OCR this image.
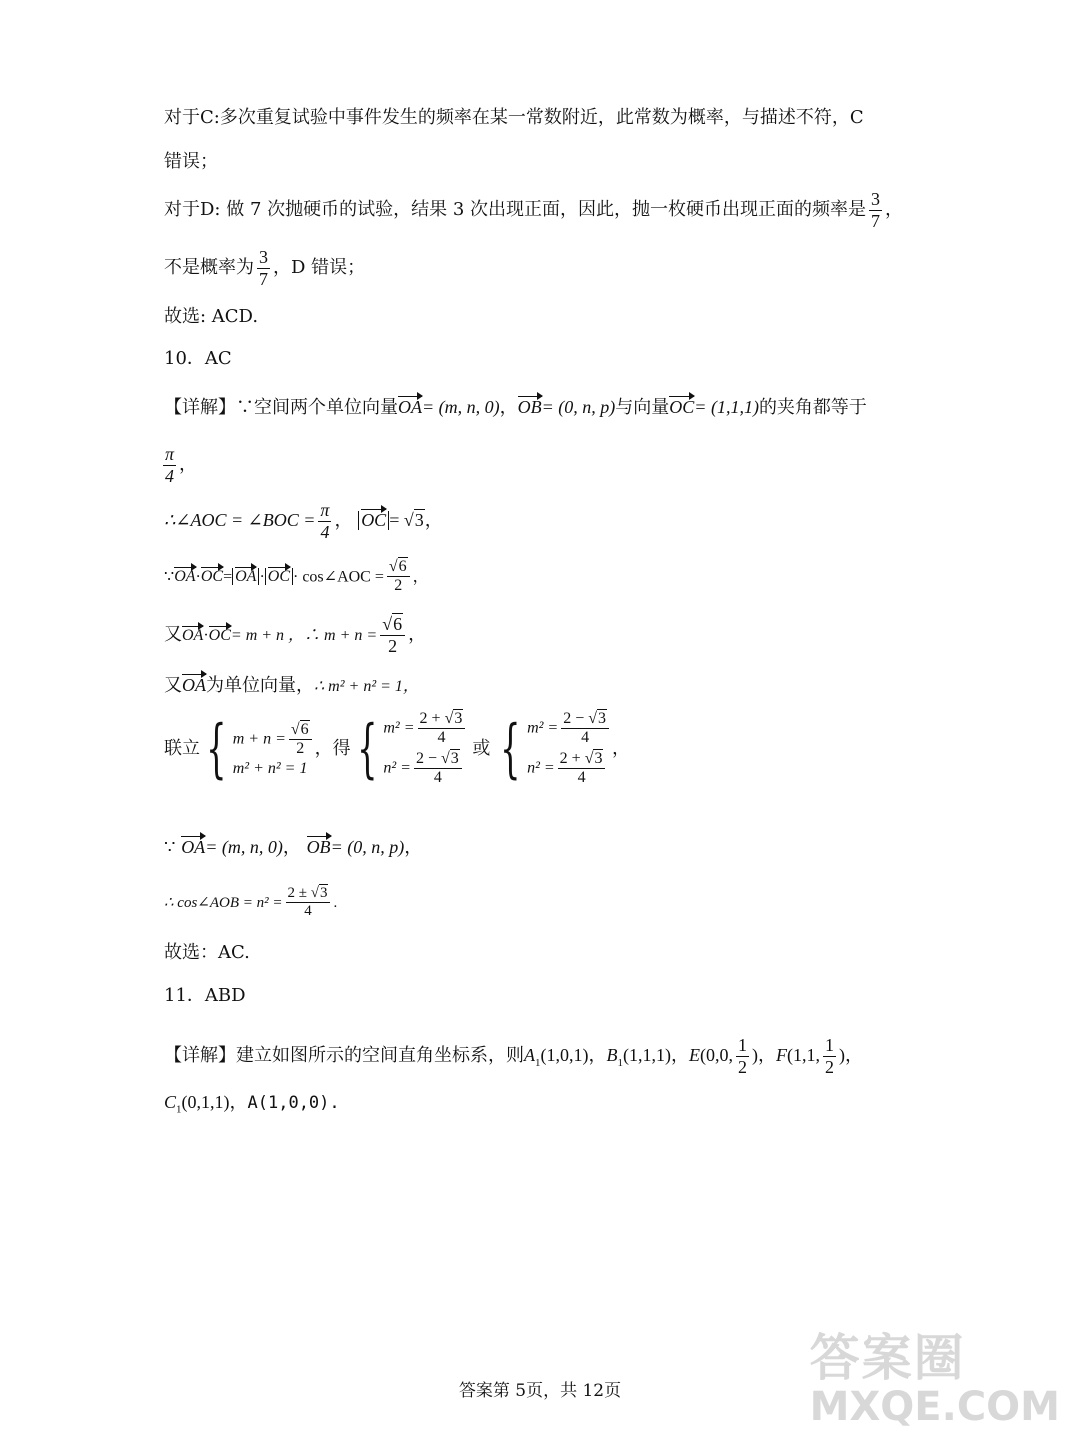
对于C:多次重复试验中事件发生的频率在某一常数附近，此常数为概率，与描述不符，C
错误；
对于D: 做 7 次抛硬币的试验，结果 3 次出现正面，因此，抛一枚硬币出现正面的频率是 $\frac{3}{7}$ ，
不是概率为 $\frac{3}{7}$ ，D 错误；
故选: ACD.
10．AC
【详解】∵空间两个单位向量OA= (m, n, 0)，OB= (0, n, p)与向量OC= (1,1,1)的夹角都等于
$\frac{\pi}{4}$ ，
∴∠AOC = ∠BOC = $\frac{\pi}{4}$ ， OC = √3，
∵OA·OC= OA · OC · cos∠AOC = $\frac{√6}{2}$ ，
又OA·OC= m + n ，∴ $m + n = \frac{√6}{2}$ ，
又OA为单位向量，∴ m² + n² = 1，
联立{ $m + n = \frac{√6}{2}$
m² + n² = 1
，得{ $m^2 = \frac{2 + √3}{4}$
$n^2 = \frac{2 - √3}{4}$
或 { $m^2 = \frac{2 - √3}{4}$
$n^2 = \frac{2 + √3}{4}$
，
∵ OA= (m, n, 0)， OB= (0, n, p)，
∴ cos∠AOB = $n^2 = \frac{2 \pm √3}{4}$ .
故选：AC.
11．ABD
【详解】建立如图所示的空间直角坐标系，则$A_1(1,0,1)$，$B_1(1,1,1)$，E(0,0, $\frac{1}{2}$ )，F(1,1, $\frac{1}{2}$ )，
$C_1(0,1,1)$，A(1,0,0).
答案第 5页，共 12页
答案圈
MXQE.COM
